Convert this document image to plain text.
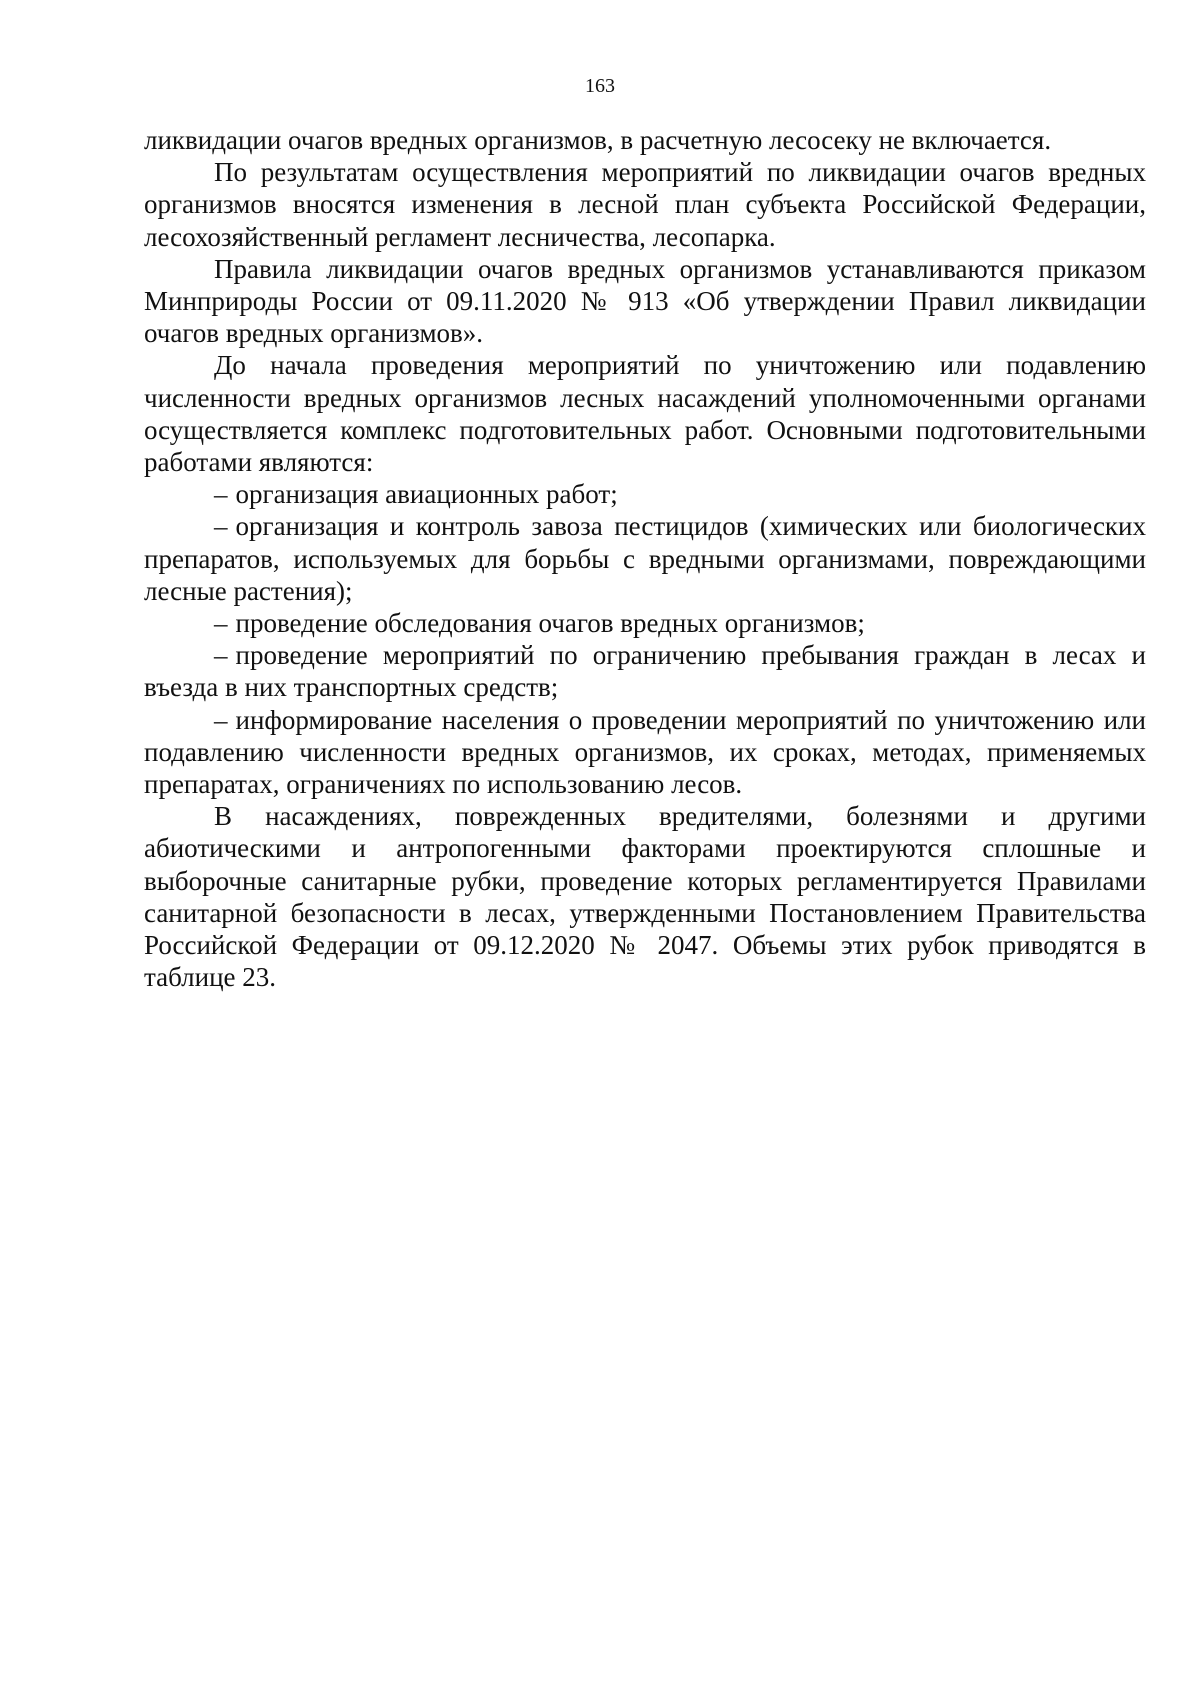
163

ликвидации очагов вредных организмов, в расчетную лесосеку не включается.

По результатам осуществления мероприятий по ликвидации очагов вредных организмов вносятся изменения в лесной план субъекта Российской Федерации, лесохозяйственный регламент лесничества, лесопарка.

Правила ликвидации очагов вредных организмов устанавливаются приказом Минприроды России от 09.11.2020 № 913 «Об утверждении Правил ликвидации очагов вредных организмов».

До начала проведения мероприятий по уничтожению или подавлению численности вредных организмов лесных насаждений уполномоченными органами осуществляется комплекс подготовительных работ. Основными подготовительными работами являются:

– организация авиационных работ;

– организация и контроль завоза пестицидов (химических или биологических препаратов, используемых для борьбы с вредными организмами, повреждающими лесные растения);

– проведение обследования очагов вредных организмов;

– проведение мероприятий по ограничению пребывания граждан в лесах и въезда в них транспортных средств;

– информирование населения о проведении мероприятий по уничтожению или подавлению численности вредных организмов, их сроках, методах, применяемых препаратах, ограничениях по использованию лесов.

В насаждениях, поврежденных вредителями, болезнями и другими абиотическими и антропогенными факторами проектируются сплошные и выборочные санитарные рубки, проведение которых регламентируется Правилами санитарной безопасности в лесах, утвержденными Постановлением Правительства Российской Федерации от 09.12.2020 № 2047. Объемы этих рубок приводятся в таблице 23.
